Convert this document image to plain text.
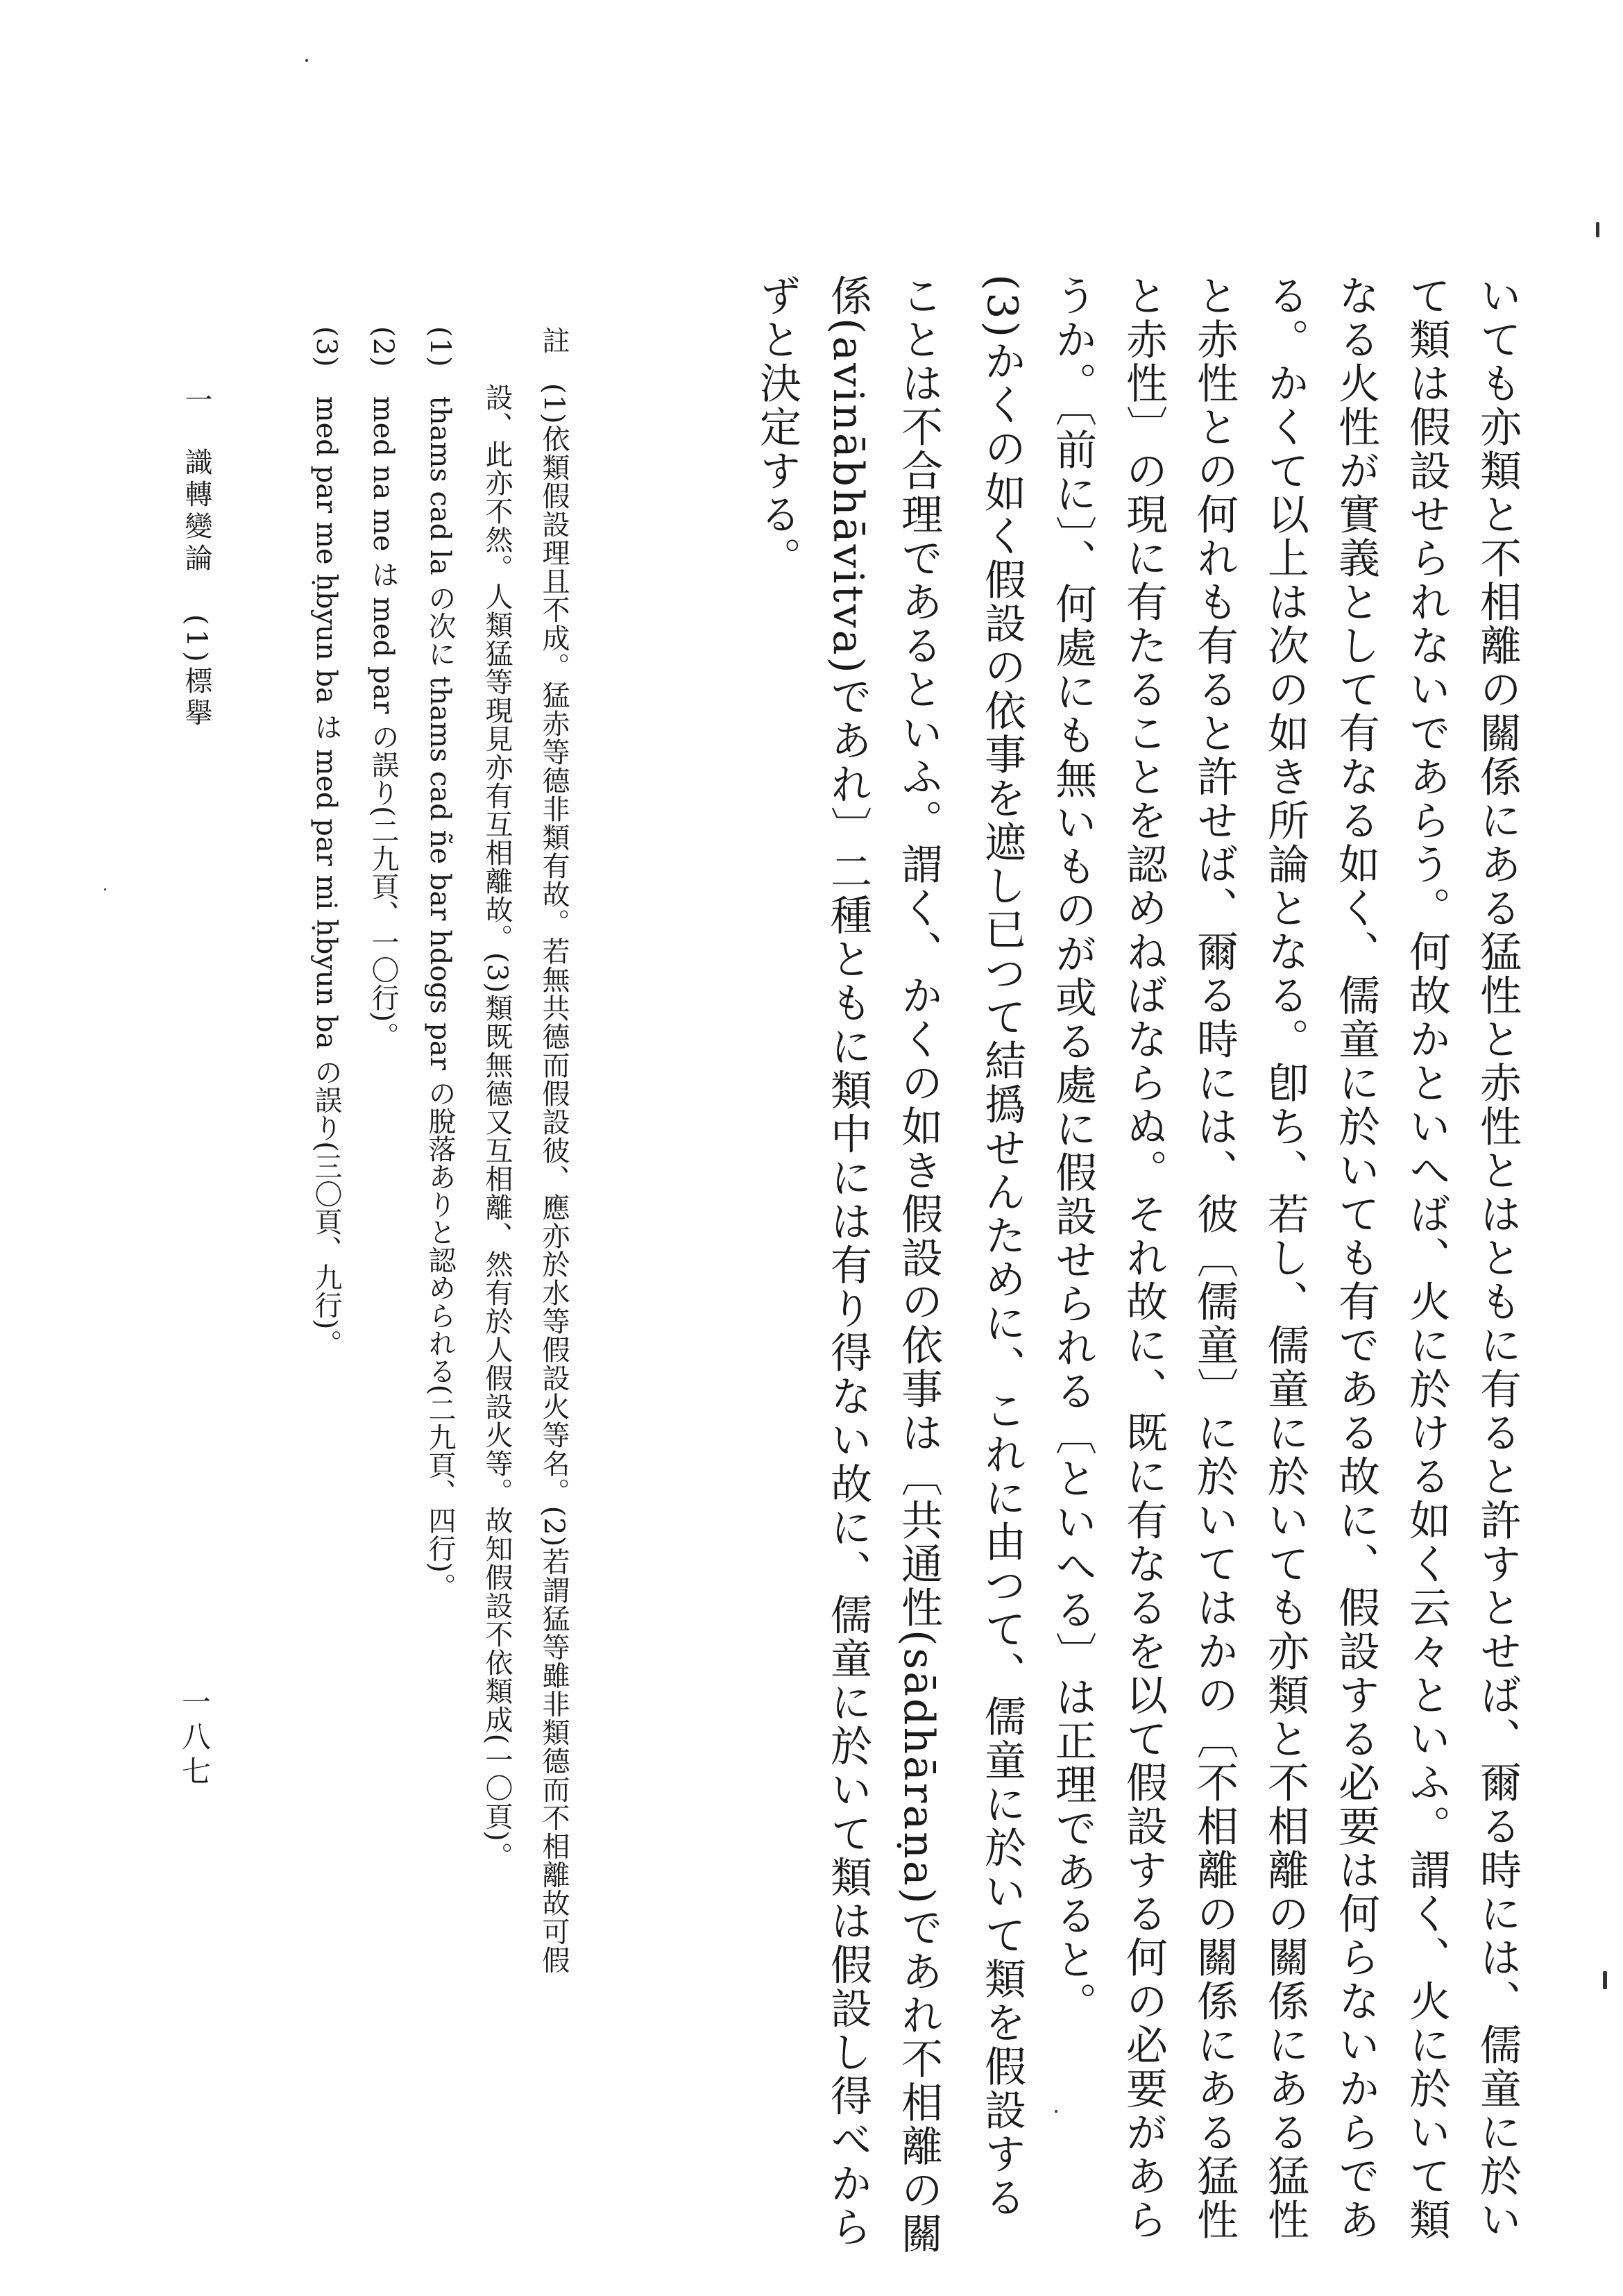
いても亦類と不相離の關係にある猛性と赤性とはともに有ると許すとせば、爾る時には、儒童に於い
て類は假設せられないであらう。何故かといへば、火に於ける如く云々といふ。謂く、火に於いて類
なる火性が實義として有なる如く、儒童に於いても有である故に、假設する必要は何らないからであ
る。かくて以上は次の如き所論となる。卽ち、若し、儒童に於いても亦類と不相離の關係にある猛性
と赤性との何れも有ると許せば、爾る時には、彼〔儒童〕に於いてはかの〔不相離の關係にある猛性
と赤性〕の現に有たることを認めねばならぬ。それ故に、既に有なるを以て假設する何の必要があら
うか。〔前に〕、何處にも無いものが或る處に假設せられる〔といへる〕は正理であると。
(3)かくの如く假設の依事を遮し已つて結撝せんために、これに由つて、儒童に於いて類を假設する
ことは不合理であるといふ。謂く、かくの如き假設の依事は〔共通性(sādhāraṇa)であれ不相離の關
係(avinābhāvitva)であれ〕二種ともに類中には有り得ない故に、儒童に於いて類は假設し得べから
ずと決定する。
註　(1)依類假設理且不成。猛赤等德非類有故。若無共德而假設彼、應亦於水等假設火等名。(2)若謂猛等雖非類德而不相離故可假
　　設、此亦不然。人類猛等現見亦有互相離故。(3)類既無德又互相離、然有於人假設火等。故知假設不依類成(一〇頁)。
(1)　thams cad la の次に thams cad ñe bar hdogs par の脫落ありと認められる(二九頁、四行)。
(2)　med na me は med par の誤り(二九頁、一〇行)。
(3)　med par me ḥbyun ba は med par mi ḥbyun ba の誤り(三〇頁、九行)。
一八七
一識轉變論(1)標擧
